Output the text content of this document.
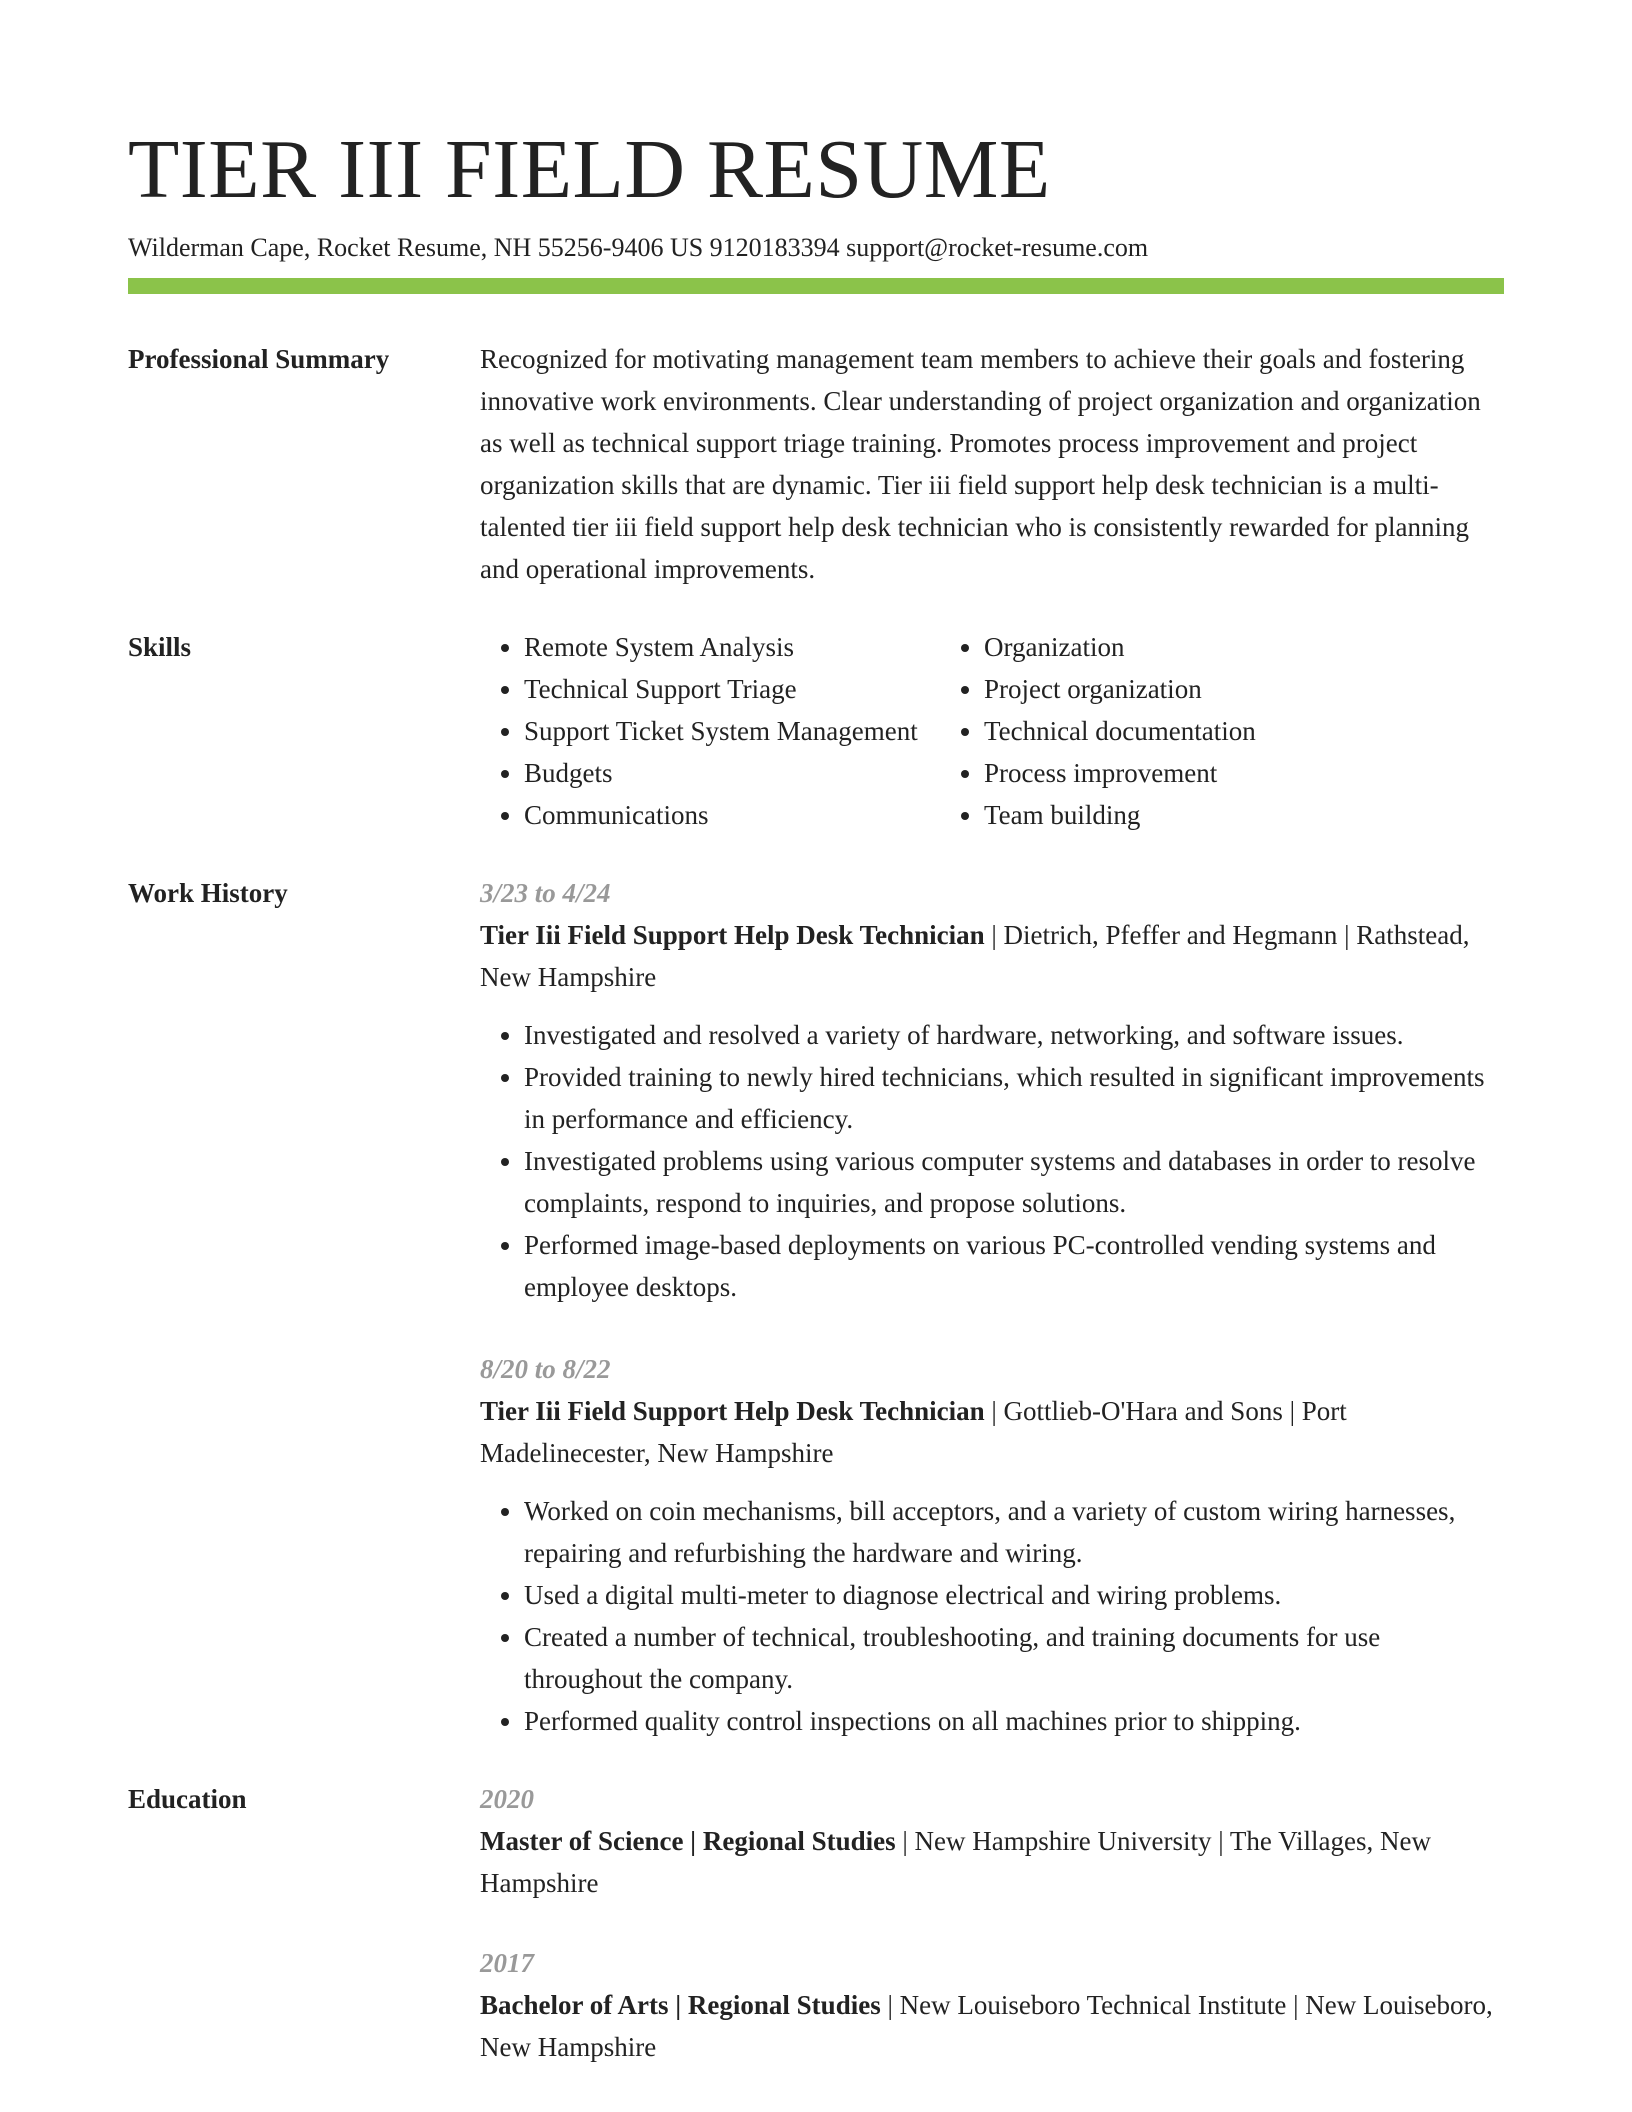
TIER III FIELD RESUME
Wilderman Cape, Rocket Resume, NH 55256-9406 US 9120183394 support@rocket-resume.com
Professional Summary	Recognized for motivating management team members to achieve their goals and fostering innovative work environments. Clear understanding of project organization and organization as well as technical support triage training. Promotes process improvement and project organization skills that are dynamic. Tier iii field support help desk technician is a multi-talented tier iii field support help desk technician who is consistently rewarded for planning and operational improvements.

Skills
•	Remote System Analysis
• Technical Support Triage
• Support Ticket System Management
• Budgets
• Communications
• Organization
• Project organization
• Technical documentation
• Process improvement
• Team building
Work History	3/23 to 4/24
Tier Iii Field Support Help Desk Technician | Dietrich, Pfeffer and Hegmann | Rathstead, New Hampshire
• Investigated and resolved a variety of hardware, networking, and software issues.
• Provided training to newly hired technicians, which resulted in significant improvements in performance and efficiency.
• Investigated problems using various computer systems and databases in order to resolve complaints, respond to inquiries, and propose solutions.
• Performed image-based deployments on various PC-controlled vending systems and employee desktops.
8/20 to 8/22
Tier Iii Field Support Help Desk Technician | Gottlieb-O'Hara and Sons | Port Madelinecester, New Hampshire
• Worked on coin mechanisms, bill acceptors, and a variety of custom wiring harnesses, repairing and refurbishing the hardware and wiring.
• Used a digital multi-meter to diagnose electrical and wiring problems.
• Created a number of technical, troubleshooting, and training documents for use throughout the company.
• Performed quality control inspections on all machines prior to shipping.
Education	2020
Master of Science | Regional Studies | New Hampshire University | The Villages, New Hampshire
2017
Bachelor of Arts | Regional Studies | New Louiseboro Technical Institute | New Louiseboro, New Hampshire
